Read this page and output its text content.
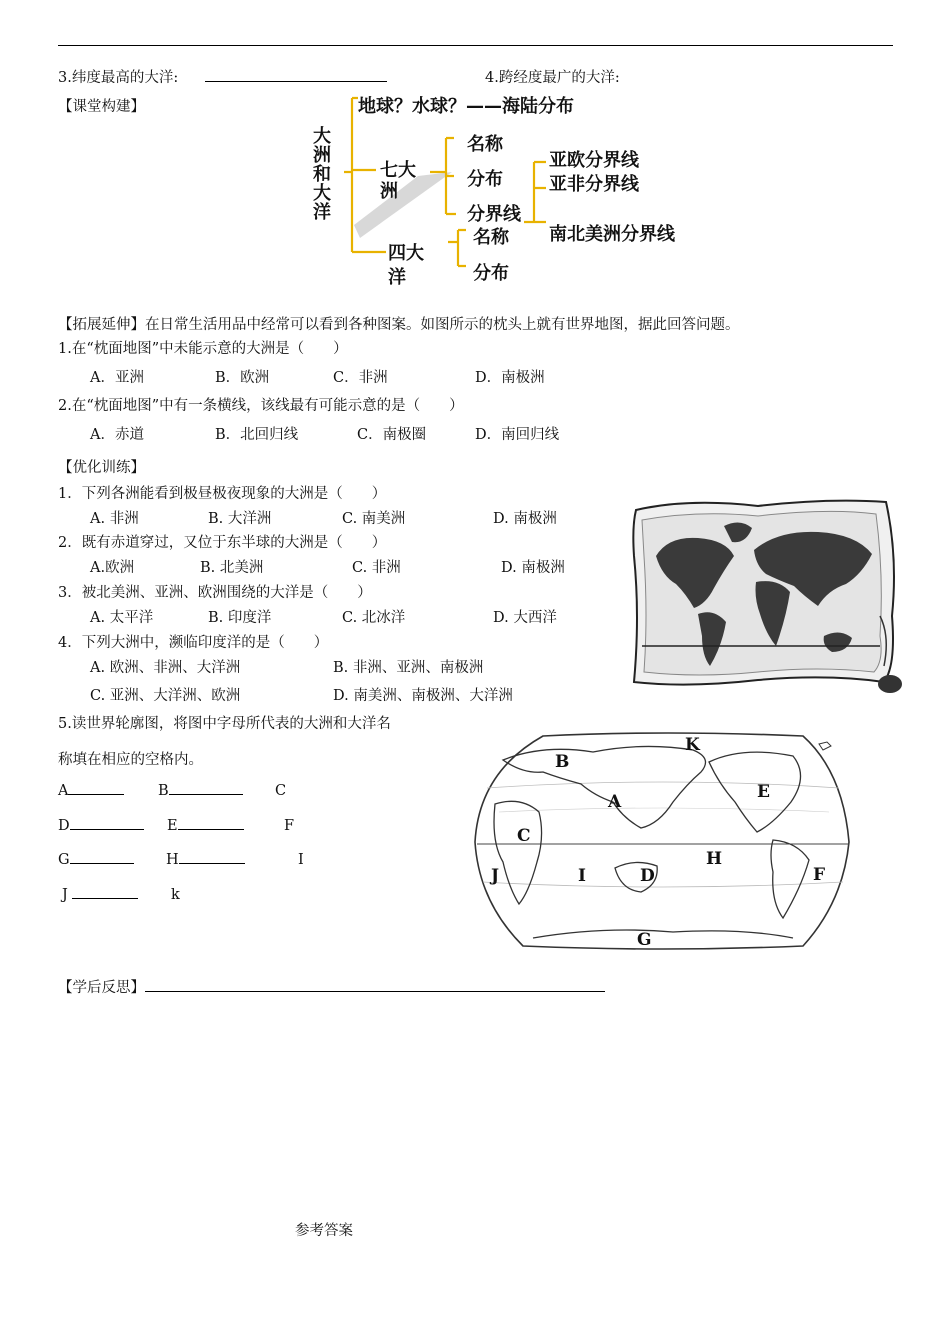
3.纬度最高的大洋:	4.跨经度最广的大洋:
【课堂构建】
大洲和大洋
地球？水球？——海陆分布
七大洲
四大洋
名称
分布
分界线
亚欧分界线
亚非分界线
南北美洲分界线
名称
分布
【拓展延伸】在日常生活用品中经常可以看到各种图案。如图所示的枕头上就有世界地图，据此回答问题。
1.在“枕面地图”中未能示意的大洲是（　　）
A．亚洲	B．欧洲	C．非洲	D．南极洲
2.在“枕面地图”中有一条横线，该线最有可能示意的是（　　）
A．赤道	B．北回归线	C．南极圈	D．南回归线
【优化训练】
1．下列各洲能看到极昼极夜现象的大洲是（　　）
A. 非洲	B. 大洋洲	C. 南美洲	D. 南极洲
2．既有赤道穿过，又位于东半球的大洲是（　　）
A.欧洲	B. 北美洲	C. 非洲	D. 南极洲
3．被北美洲、亚洲、欧洲围绕的大洋是（　　）
A. 太平洋	B. 印度洋	C. 北冰洋	D. 大西洋
4．下列大洲中，濒临印度洋的是（　　）
A. 欧洲、非洲、大洋洲	B. 非洲、亚洲、南极洲
C. 亚洲、大洋洲、欧洲	D. 南美洲、南极洲、大洋洲
5.读世界轮廓图，将图中字母所代表的大洲和大洋名
称填在相应的空格内。
A	B	C
D	E	F
G	H	I
J	k
K
B
A	E
C
H
J	I	D	F
G
【学后反思】
参考答案
